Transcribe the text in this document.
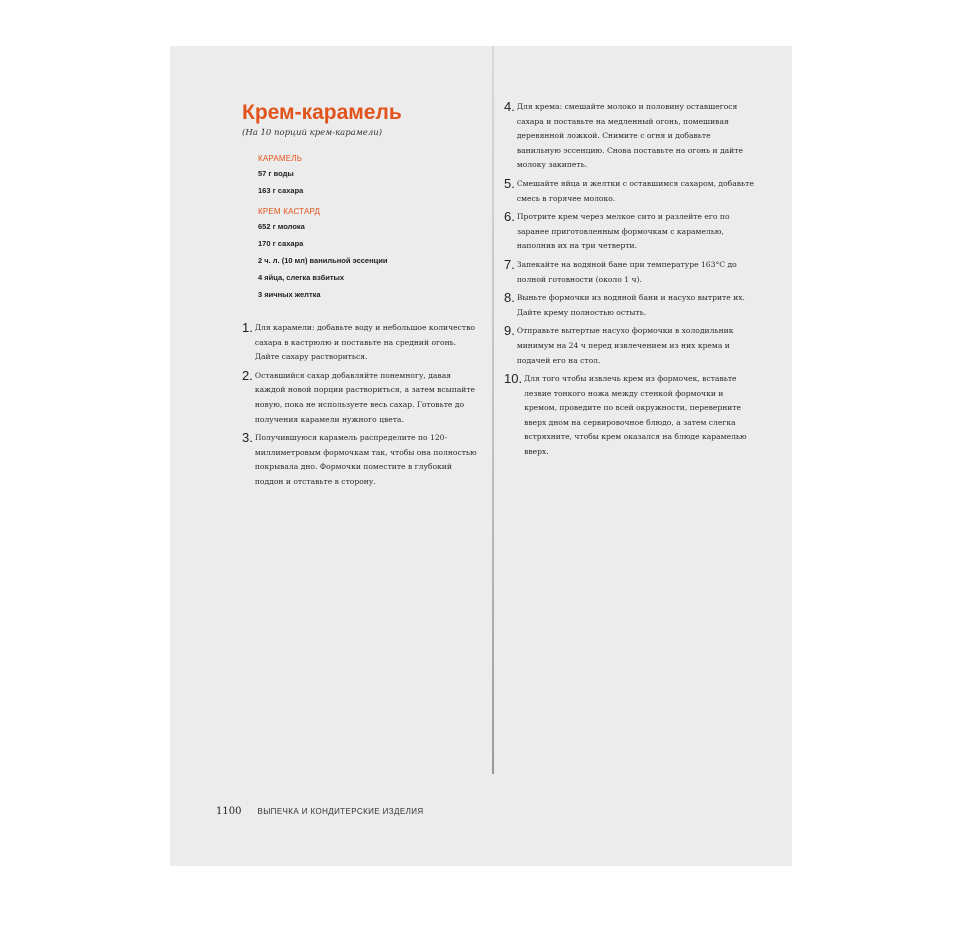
Крем-карамель

(На 10 порций крем-карамели)

КАРАМЕЛЬ
57 г воды
163 г сахара
КРЕМ КАСТАРД
652 г молока
170 г сахара
2 ч. л. (10 мл) ванильной эссенции
4 яйца, слегка взбитых
3 яичных желтка
1. Для карамели: добавьте воду и небольшое количество сахара в кастрюлю и поставьте на средний огонь. Дайте сахару раствориться.
2. Оставшийся сахар добавляйте понемногу, давая каждой новой порции раствориться, а затем всыпайте новую, пока не используете весь сахар. Готовьте до получения карамели нужного цвета.
3. Получившуюся карамель распределите по 120-миллиметровым формочкам так, чтобы она полностью покрывала дно. Формочки поместите в глубокий поддон и отставьте в сторону.
4. Для крема: смешайте молоко и половину оставшегося сахара и поставьте на медленный огонь, помешивая деревянной ложкой. Снимите с огня и добавьте ванильную эссенцию. Снова поставьте на огонь и дайте молоку закипеть.
5. Смешайте яйца и желтки с оставшимся сахаром, добавьте смесь в горячее молоко.
6. Протрите крем через мелкое сито и разлейте его по заранее приготовленным формочкам с карамелью, наполнив их на три четверти.
7. Запекайте на водяной бане при температуре 163°С до полной готовности (около 1 ч).
8. Выньте формочки из водяной бани и насухо вытрите их. Дайте крему полностью остыть.
9. Отправьте вытертые насухо формочки в холодильник минимум на 24 ч перед извлечением из них крема и подачей его на стол.
10. Для того чтобы извлечь крем из формочек, вставьте лезвие тонкого ножа между стенкой формочки и кремом, проведите по всей окружности, переверните вверх дном на сервировочное блюдо, а затем слегка встряхните, чтобы крем оказался на блюде карамелью вверх.
1100 ВЫПЕЧКА И КОНДИТЕРСКИЕ ИЗДЕЛИЯ
